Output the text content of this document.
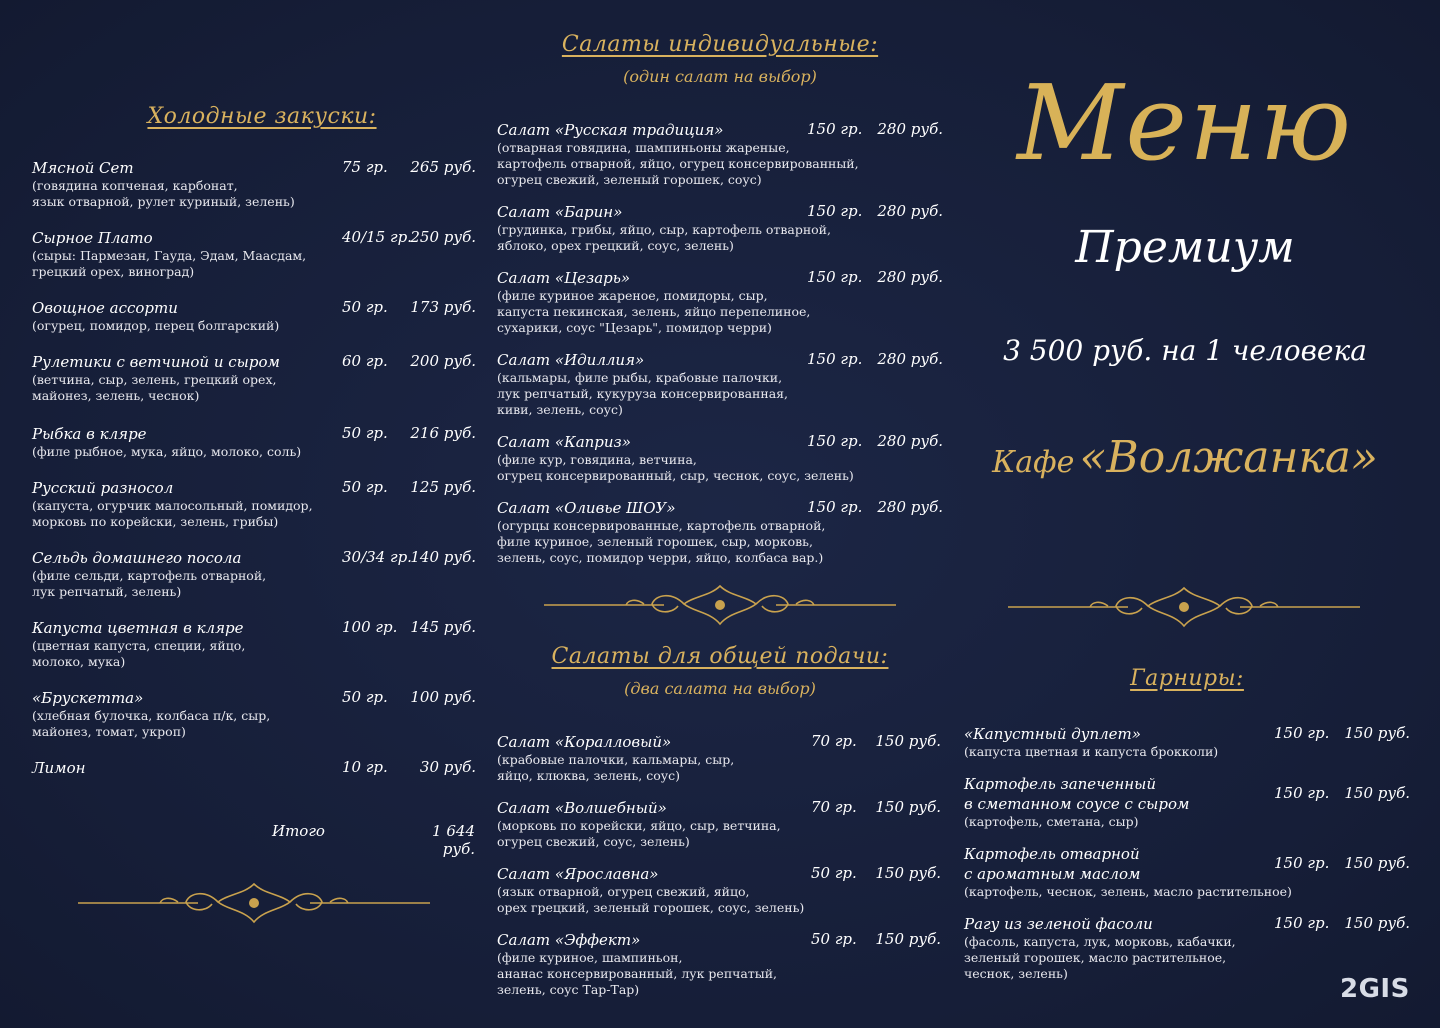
Холодные закуски:
Мясной Сет
(говядина копченая, карбонат,
язык отварной, рулет куриный, зелень)
75 гр.	265 руб.
Сырное Плато
(сыры: Пармезан, Гауда, Эдам, Маасдам,
грецкий орех, виноград)
40/15 гр.
250 руб.
Овощное ассорти
(огурец, помидор, перец болгарский)
50 гр.	173 руб.
Рулетики с ветчиной и сыром
(ветчина, сыр, зелень, грецкий орех,
майонез, зелень, чеснок)
60 гр.	200 руб.
Рыбка в кляре
(филе рыбное, мука, яйцо, молоко, соль)
50 гр.	216 руб.
Русский разносол
(капуста, огурчик малосольный, помидор,
морковь по корейски, зелень, грибы)
50 гр.	125 руб.
Сельдь домашнего посола
(филе сельди, картофель отварной,
лук репчатый, зелень)
30/34 гр.
140 руб.
Капуста цветная в кляре
(цветная капуста, специи, яйцо,
молоко, мука)
100 гр. 145 руб.
«Брускетта»
(хлебная булочка, колбаса п/к, сыр,
майонез, томат, укроп)
50 гр.	100 руб.
Лимон	10 гр.	30 руб.
Итого	1 644 руб.
Салаты индивидуальные:
(один салат на выбор)
Салат «Русская традиция»
(отварная говядина, шампиньоны жареные,
картофель отварной, яйцо, огурец консервированный,
огурец свежий, зеленый горошек, соус)
150 гр.	280 руб.
Салат «Барин»
(грудинка, грибы, яйцо, сыр, картофель отварной,
яблоко, орех грецкий, соус, зелень)
150 гр.	280 руб.
Салат «Цезарь»
(филе куриное жареное, помидоры, сыр,
капуста пекинская, зелень, яйцо перепелиное,
сухарики, соус "Цезарь", помидор черри)
150 гр.	280 руб.
Салат «Идиллия»
(кальмары, филе рыбы, крабовые палочки,
лук репчатый, кукуруза консервированная,
киви, зелень, соус)
150 гр.	280 руб.
Салат «Каприз»
(филе кур, говядина, ветчина,
огурец консервированный, сыр, чеснок, соус, зелень)
150 гр.	280 руб.
Салат «Оливье ШОУ»
(огурцы консервированные, картофель отварной,
филе куриное, зеленый горошек, сыр, морковь,
зелень, соус, помидор черри, яйцо, колбаса вар.)
150 гр.	280 руб.
Салаты для общей подачи:
(два салата на выбор)
Салат «Коралловый»
(крабовые палочки, кальмары, сыр,
яйцо, клюква, зелень, соус)
70 гр.	150 руб.
Салат «Волшебный»
(морковь по корейски, яйцо, сыр, ветчина,
огурец свежий, соус, зелень)
70 гр.	150 руб.
Салат «Ярославна»
(язык отварной, огурец свежий, яйцо,
орех грецкий, зеленый горошек, соус, зелень)
50 гр.	150 руб.
Салат «Эффект»
(филе куриное, шампиньон,
ананас консервированный, лук репчатый,
зелень, соус Тар-Тар)
50 гр.	150 руб.
Меню
Премиум
3 500 руб. на 1 человека
Кафе «Волжанка»
Гарниры:
«Капустный дуплет»
(капуста цветная и капуста брокколи)
150 гр.	150 руб.
Картофель запеченный
в сметанном соусе с сыром
(картофель, сметана, сыр)
150 гр.	150 руб.
Картофель отварной
с ароматным маслом
(картофель, чеснок, зелень, масло растительное)
150 гр.	150 руб.
Рагу из зеленой фасоли
(фасоль, капуста, лук, морковь, кабачки,
зеленый горошек, масло растительное,
чеснок, зелень)
150 гр.	150 руб.
2GIS
